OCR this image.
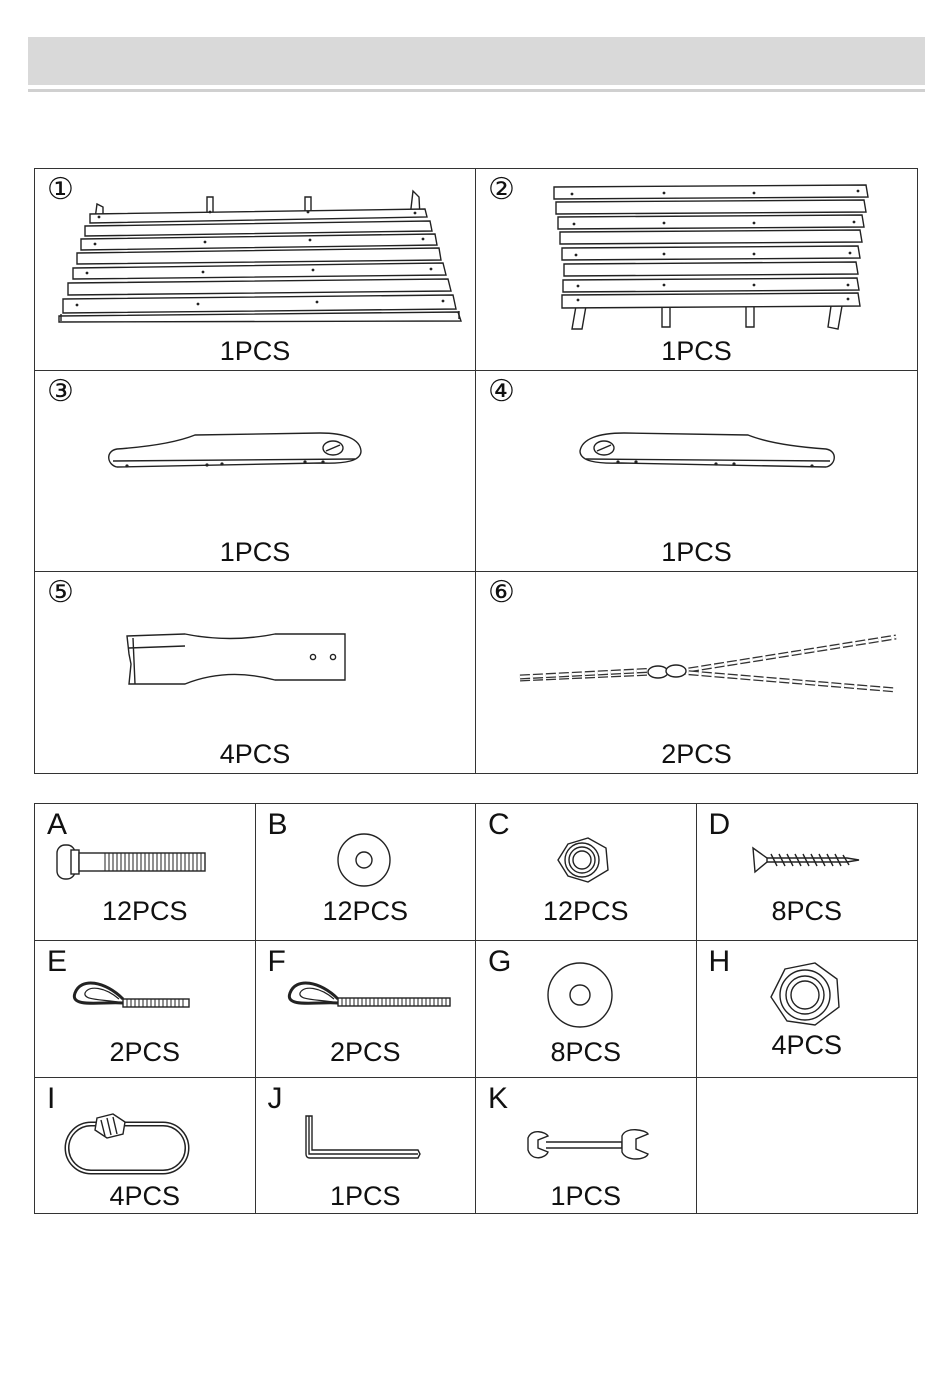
①
1PCS
②
1PCS
③
1PCS
④
1PCS
⑤
4PCS
⑥
2PCS
A
12PCS
B
12PCS
C
12PCS
D
8PCS
E
2PCS
F
2PCS
G
8PCS
H
4PCS
I
4PCS
J
1PCS
K
1PCS
